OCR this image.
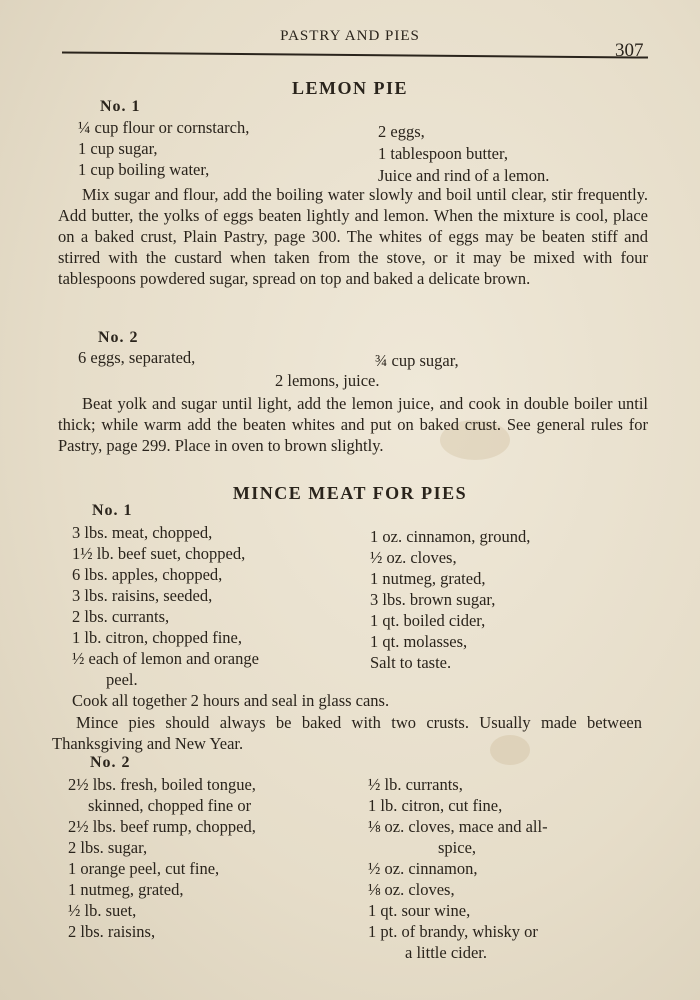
PASTRY AND PIES
307
LEMON PIE
No. 1
¼ cup flour or cornstarch,
1 cup sugar,
1 cup boiling water,
2 eggs,
1 tablespoon butter,
Juice and rind of a lemon.
Mix sugar and flour, add the boiling water slowly and boil until clear, stir frequently. Add butter, the yolks of eggs beaten lightly and lemon. When the mixture is cool, place on a baked crust, Plain Pastry, page 300. The whites of eggs may be beaten stiff and stirred with the custard when taken from the stove, or it may be mixed with four tablespoons powdered sugar, spread on top and baked a delicate brown.
No. 2
6 eggs, separated,	¾ cup sugar,
2 lemons, juice.
Beat yolk and sugar until light, add the lemon juice, and cook in double boiler until thick; while warm add the beaten whites and put on baked crust. See general rules for Pastry, page 299. Place in oven to brown slightly.
MINCE MEAT FOR PIES
No. 1
3 lbs. meat, chopped,
1½ lb. beef suet, chopped,
6 lbs. apples, chopped,
3 lbs. raisins, seeded,
2 lbs. currants,
1 lb. citron, chopped fine,
½ each of lemon and orange
peel.
1 oz. cinnamon, ground,
½ oz. cloves,
1 nutmeg, grated,
3 lbs. brown sugar,
1 qt. boiled cider,
1 qt. molasses,
Salt to taste.
Cook all together 2 hours and seal in glass cans.
Mince pies should always be baked with two crusts. Usually made between Thanksgiving and New Year.
No. 2
2½ lbs. fresh, boiled tongue,
skinned, chopped fine or
2½ lbs. beef rump, chopped,
2 lbs. sugar,
1 orange peel, cut fine,
1 nutmeg, grated,
½ lb. suet,
2 lbs. raisins,
½ lb. currants,
1 lb. citron, cut fine,
⅛ oz. cloves, mace and all-
spice,
½ oz. cinnamon,
⅛ oz. cloves,
1 qt. sour wine,
1 pt. of brandy, whisky or
a little cider.
